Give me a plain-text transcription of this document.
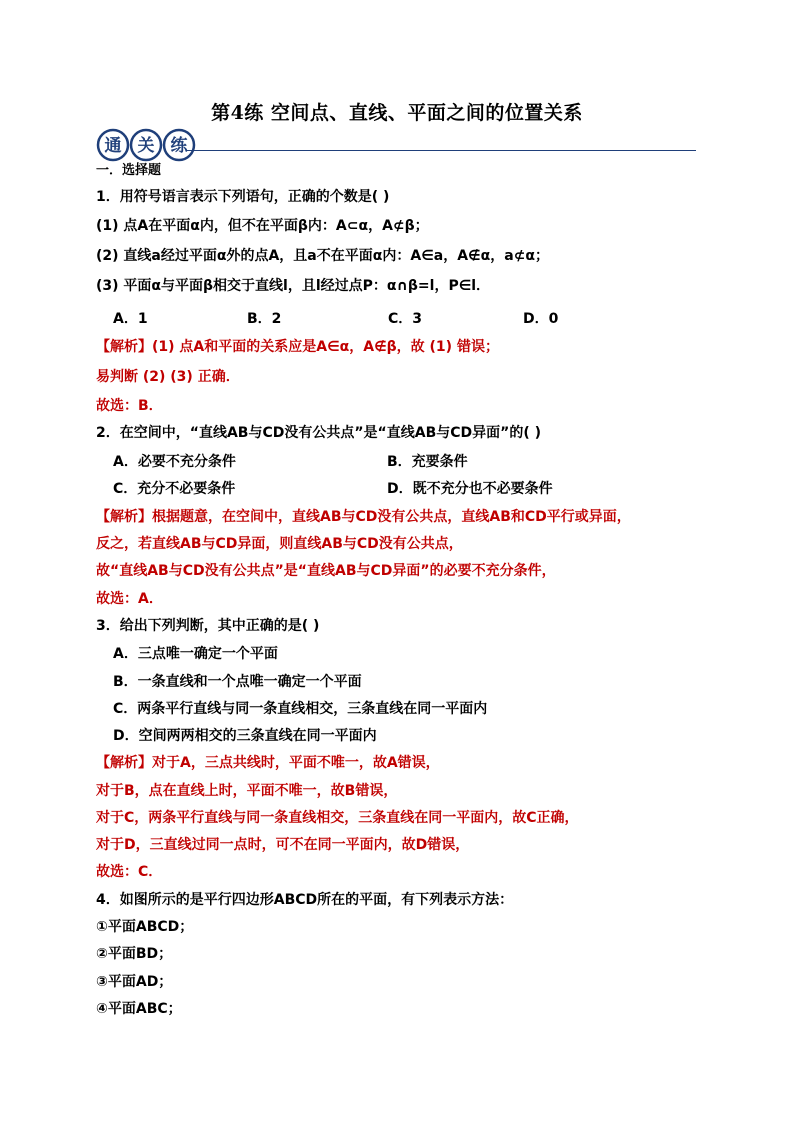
第4练 空间点、直线、平面之间的位置关系
通 关 练
一．选择题
1．用符号语言表示下列语句，正确的个数是( )
(1) 点A在平面α内，但不在平面β内：A⊂α，A⊄β；
(2) 直线a经过平面α外的点A，且a不在平面α内：A∈a，A∉α，a⊄α；
(3) 平面α与平面β相交于直线l，且l经过点P：α∩β=l，P∈l．
A．1	B．2	C．3	D．0
【解析】(1) 点A和平面的关系应是A∈α，A∉β，故 (1) 错误；
易判断 (2) (3) 正确．
故选：B．
2．在空间中，“直线AB与CD没有公共点”是“直线AB与CD异面”的( )
A．必要不充分条件	B．充要条件
C．充分不必要条件	D．既不充分也不必要条件
【解析】根据题意，在空间中，直线AB与CD没有公共点，直线AB和CD平行或异面，
反之，若直线AB与CD异面，则直线AB与CD没有公共点，
故“直线AB与CD没有公共点”是“直线AB与CD异面”的必要不充分条件，
故选：A．
3．给出下列判断，其中正确的是( )
A．三点唯一确定一个平面
B．一条直线和一个点唯一确定一个平面
C．两条平行直线与同一条直线相交，三条直线在同一平面内
D．空间两两相交的三条直线在同一平面内
【解析】对于A，三点共线时，平面不唯一，故A错误，
对于B，点在直线上时，平面不唯一，故B错误，
对于C，两条平行直线与同一条直线相交，三条直线在同一平面内，故C正确，
对于D，三直线过同一点时，可不在同一平面内，故D错误，
故选：C．
4．如图所示的是平行四边形ABCD所在的平面，有下列表示方法：
①平面ABCD；
②平面BD；
③平面AD；
④平面ABC；
